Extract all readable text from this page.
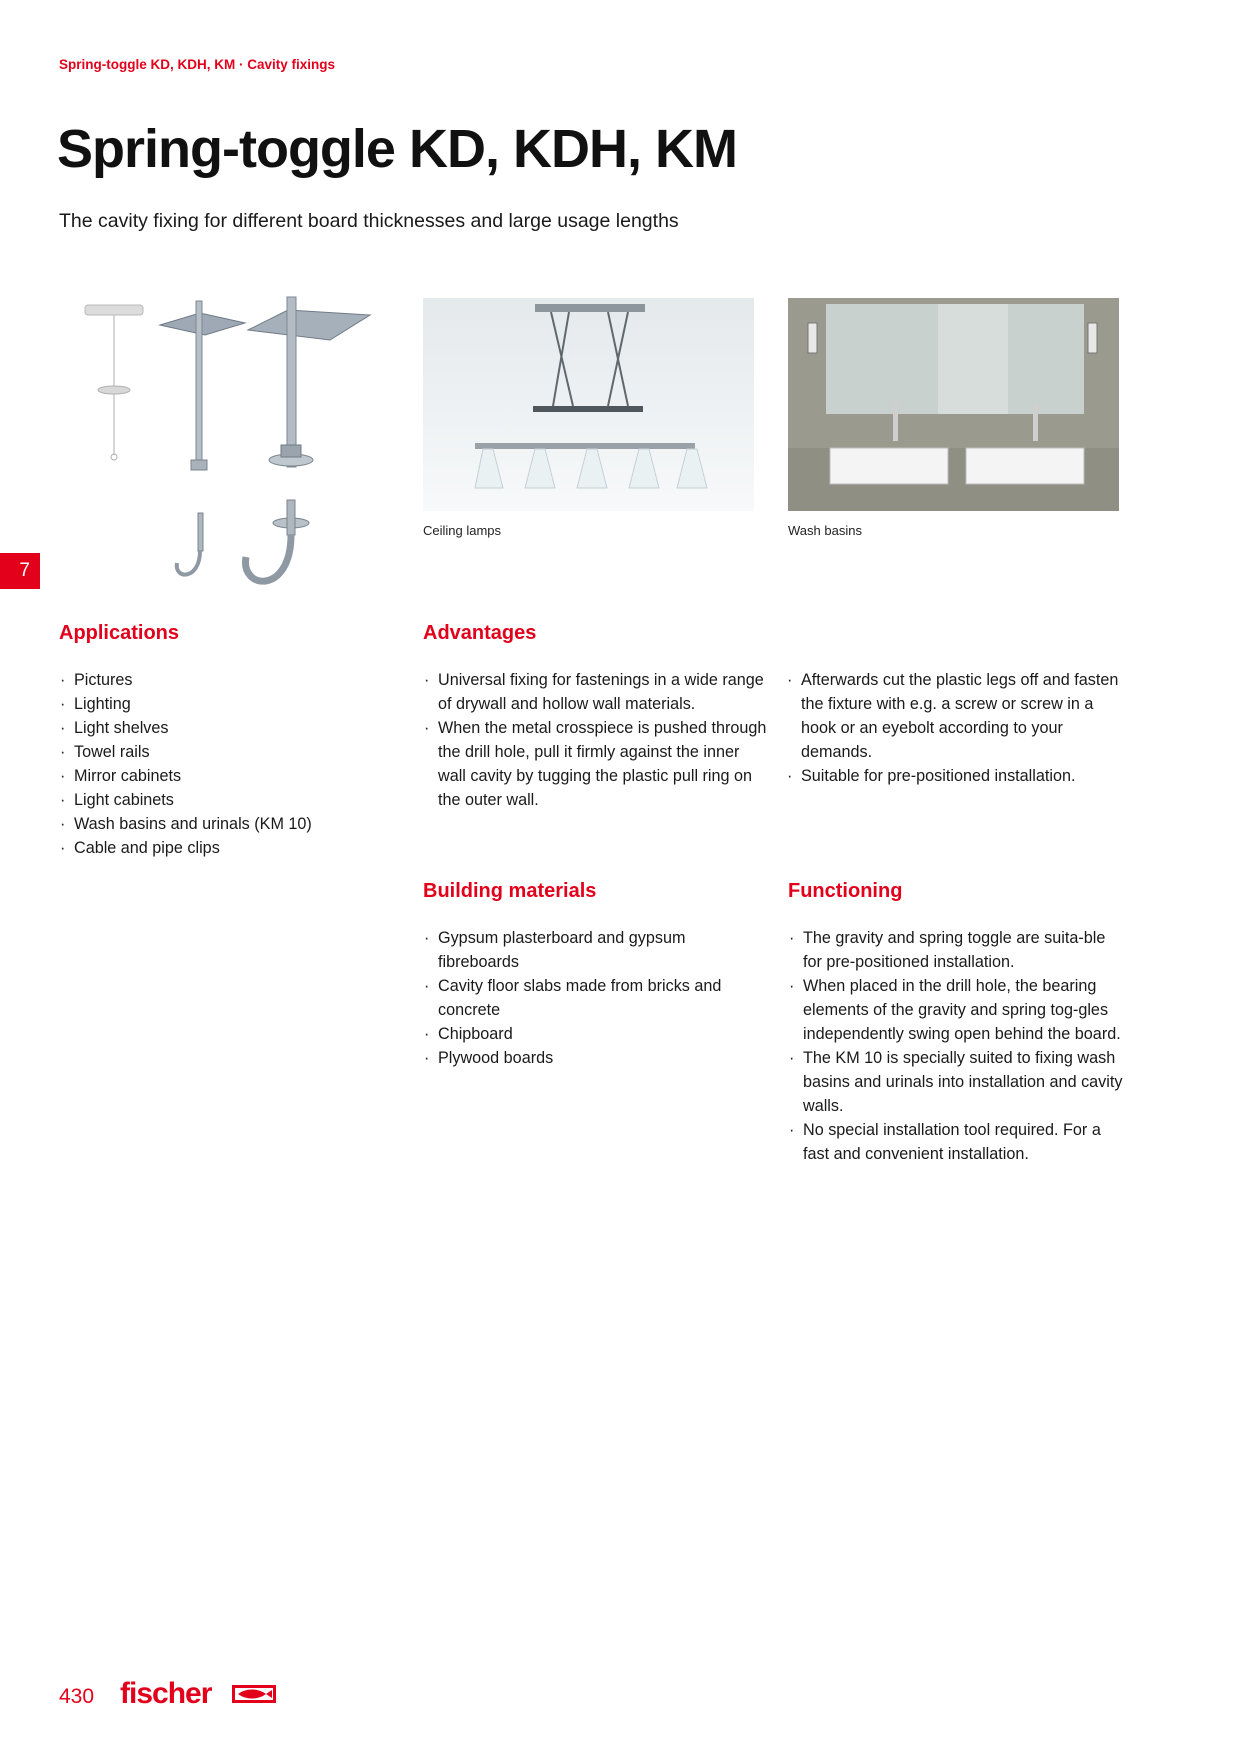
Spring-toggle KD, KDH, KM · Cavity fixings
Spring-toggle KD, KDH, KM
The cavity fixing for different board thicknesses and large usage lengths
7
Ceiling lamps	Wash basins
Applications
· Pictures
· Lighting
· Light shelves
· Towel rails
· Mirror cabinets
· Light cabinets
· Wash basins and urinals (KM 10)
· Cable and pipe clips
Advantages
· Universal fixing for fastenings in a wide range of drywall and hollow wall materials.
· When the metal crosspiece is pushed through the drill hole, pull it firmly against the inner wall cavity by tugging the plastic pull ring on the outer wall.
· Afterwards cut the plastic legs off and fasten the fixture with e.g. a screw or screw in a hook or an eyebolt according to your demands.
· Suitable for pre-positioned installation.
Building materials
· Gypsum plasterboard and gypsum fibreboards
· Cavity floor slabs made from bricks and concrete
· Chipboard
· Plywood boards
Functioning
· The gravity and spring toggle are suita-ble for pre-positioned installation.
· When placed in the drill hole, the bearing elements of the gravity and spring tog-gles independently swing open behind the board.
· The KM 10 is specially suited to fixing wash basins and urinals into installation and cavity walls.
· No special installation tool required. For a fast and convenient installation.
430 fischer
